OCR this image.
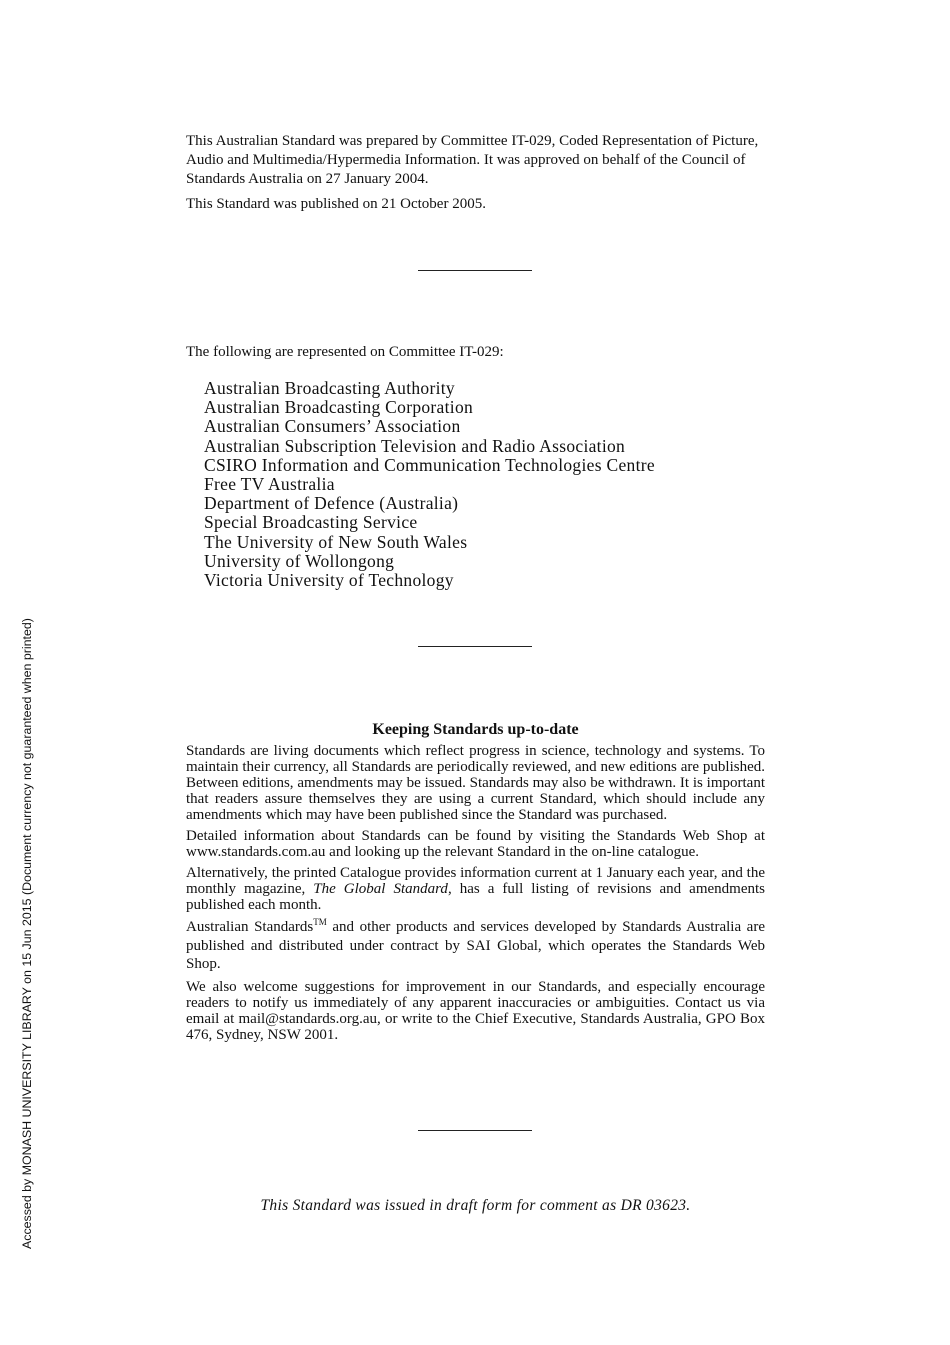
This Australian Standard was prepared by Committee IT-029, Coded Representation of Picture, Audio and Multimedia/Hypermedia Information. It was approved on behalf of the Council of Standards Australia on 27 January 2004.

This Standard was published on 21 October 2005.

The following are represented on Committee IT-029:
Australian Broadcasting Authority
Australian Broadcasting Corporation
Australian Consumers’ Association
Australian Subscription Television and Radio Association
CSIRO Information and Communication Technologies Centre
Free TV Australia
Department of Defence (Australia)
Special Broadcasting Service
The University of New South Wales
University of Wollongong
Victoria University of Technology
Keeping Standards up-to-date

Standards are living documents which reflect progress in science, technology and systems. To maintain their currency, all Standards are periodically reviewed, and new editions are published. Between editions, amendments may be issued. Standards may also be withdrawn. It is important that readers assure themselves they are using a current Standard, which should include any amendments which may have been published since the Standard was purchased.

Detailed information about Standards can be found by visiting the Standards Web Shop at www.standards.com.au and looking up the relevant Standard in the on-line catalogue.

Alternatively, the printed Catalogue provides information current at 1 January each year, and the monthly magazine, The Global Standard, has a full listing of revisions and amendments published each month.

Australian Standards™ and other products and services developed by Standards Australia are published and distributed under contract by SAI Global, which operates the Standards Web Shop.

We also welcome suggestions for improvement in our Standards, and especially encourage readers to notify us immediately of any apparent inaccuracies or ambiguities. Contact us via email at mail@standards.org.au, or write to the Chief Executive, Standards Australia, GPO Box 476, Sydney, NSW 2001.

This Standard was issued in draft form for comment as DR 03623.
Accessed by MONASH UNIVERSITY LIBRARY on 15 Jun 2015 (Document currency not guaranteed when printed)
